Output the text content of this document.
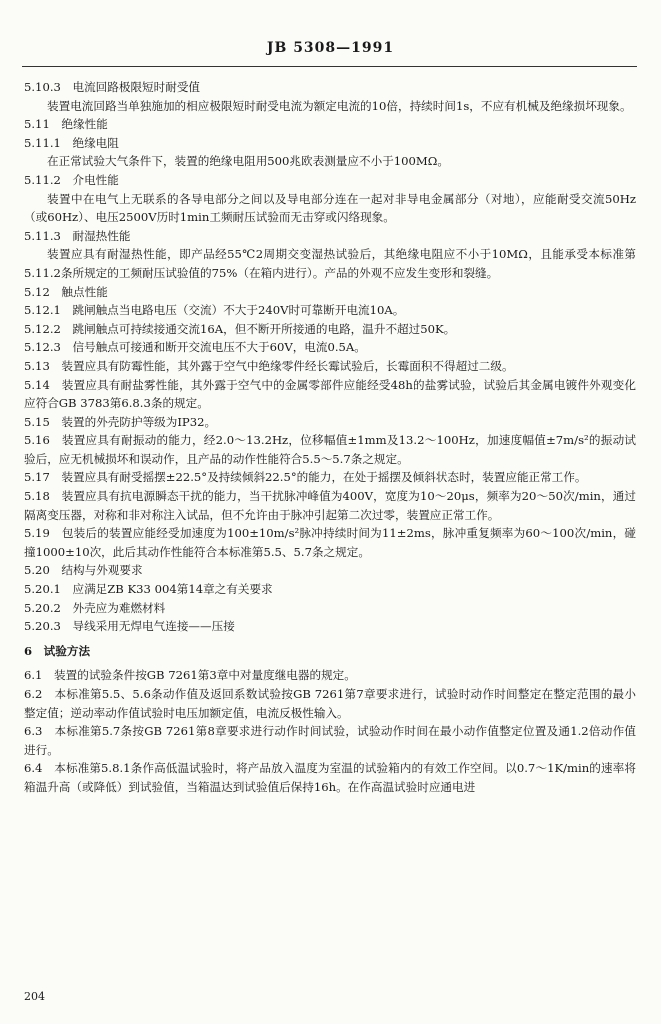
JB 5308—1991

5.10.3　电流回路极限短时耐受值

装置电流回路当单独施加的相应极限短时耐受电流为额定电流的10倍，持续时间1s，不应有机械及绝缘损坏现象。

5.11　绝缘性能

5.11.1　绝缘电阻

在正常试验大气条件下，装置的绝缘电阻用500兆欧表测量应不小于100MΩ。

5.11.2　介电性能

装置中在电气上无联系的各导电部分之间以及导电部分连在一起对非导电金属部分（对地），应能耐受交流50Hz（或60Hz）、电压2500V历时1min工频耐压试验而无击穿或闪络现象。

5.11.3　耐湿热性能

装置应具有耐湿热性能，即产品经55℃2周期交变湿热试验后，其绝缘电阻应不小于10MΩ，且能承受本标准第5.11.2条所规定的工频耐压试验值的75%（在箱内进行）。产品的外观不应发生变形和裂缝。

5.12　触点性能

5.12.1　跳闸触点当电路电压（交流）不大于240V时可靠断开电流10A。

5.12.2　跳闸触点可持续接通交流16A，但不断开所接通的电路，温升不超过50K。

5.12.3　信号触点可接通和断开交流电压不大于60V，电流0.5A。

5.13　装置应具有防霉性能，其外露于空气中绝缘零件经长霉试验后，长霉面积不得超过二级。

5.14　装置应具有耐盐雾性能，其外露于空气中的金属零部件应能经受48h的盐雾试验，试验后其金属电镀件外观变化应符合GB 3783第6.8.3条的规定。

5.15　装置的外壳防护等级为IP32。

5.16　装置应具有耐振动的能力，经2.0～13.2Hz，位移幅值±1mm及13.2～100Hz，加速度幅值±7m/s²的振动试验后，应无机械损坏和误动作，且产品的动作性能符合5.5～5.7条之规定。

5.17　装置应具有耐受摇摆±22.5°及持续倾斜22.5°的能力，在处于摇摆及倾斜状态时，装置应能正常工作。

5.18　装置应具有抗电源瞬态干扰的能力，当干扰脉冲峰值为400V，宽度为10～20μs，频率为20～50次/min，通过隔离变压器，对称和非对称注入试品，但不允许由于脉冲引起第二次过零，装置应正常工作。

5.19　包装后的装置应能经受加速度为100±10m/s²脉冲持续时间为11±2ms，脉冲重复频率为60～100次/min，碰撞1000±10次，此后其动作性能符合本标准第5.5、5.7条之规定。

5.20　结构与外观要求

5.20.1　应满足ZB K33 004第14章之有关要求

5.20.2　外壳应为难燃材料

5.20.3　导线采用无焊电气连接——压接

6　试验方法

6.1　装置的试验条件按GB 7261第3章中对量度继电器的规定。

6.2　本标准第5.5、5.6条动作值及返回系数试验按GB 7261第7章要求进行，试验时动作时间整定在整定范围的最小整定值；逆动率动作值试验时电压加额定值，电流反极性输入。

6.3　本标准第5.7条按GB 7261第8章要求进行动作时间试验，试验动作时间在最小动作值整定位置及通1.2倍动作值进行。

6.4　本标准第5.8.1条作高低温试验时，将产品放入温度为室温的试验箱内的有效工作空间。以0.7～1K/min的速率将箱温升高（或降低）到试验值，当箱温达到试验值后保持16h。在作高温试验时应通电进

204
